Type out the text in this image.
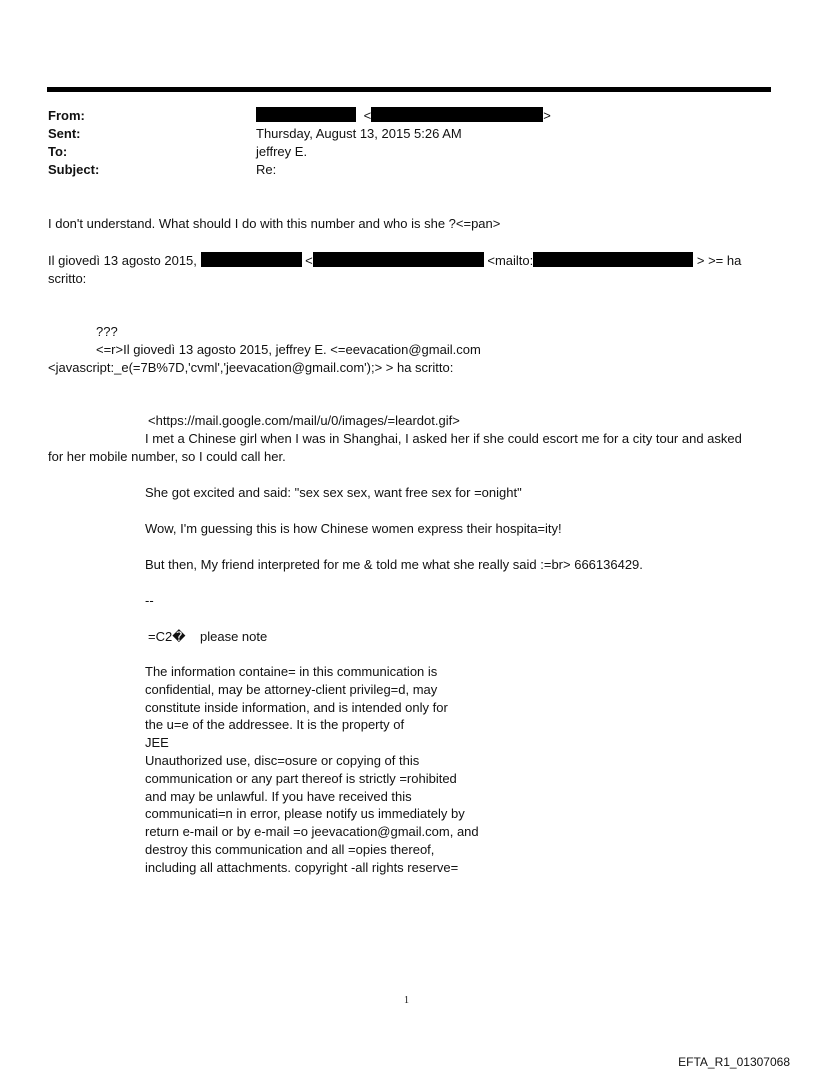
From:	<	>
Sent:	Thursday, August 13, 2015 5:26 AM
To:	jeffrey E.
Subject:	Re:
I don't understand. What should I do with this number and who is she ?<=pan>
Il giovedì 13 agosto 2015,	<	<mailto:	> >= ha
scritto:
???
<=r>Il giovedì 13 agosto 2015, jeffrey E. <=eevacation@gmail.com
<javascript:_e(=7B%7D,'cvml','jeevacation@gmail.com');> > ha scritto:
<https://mail.google.com/mail/u/0/images/=leardot.gif>
I met a Chinese girl when I was in Shanghai, I asked her if she could escort me for a city tour and asked
for her mobile number, so I could call her.
She got excited and said: "sex sex sex, want free sex for =onight"
Wow, I'm guessing this is how Chinese women express their hospita=ity!
But then, My friend interpreted for me & told me what she really said :=br> 666136429.
--
=C2�    please note
The information containe= in this communication is
confidential, may be attorney-client privileg=d, may
constitute inside information, and is intended only for
the u=e of the addressee. It is the property of
JEE
Unauthorized use, disc=osure or copying of this
communication or any part thereof is strictly =rohibited
and may be unlawful. If you have received this
communicati=n in error, please notify us immediately by
return e-mail or by e-mail =o jeevacation@gmail.com, and
destroy this communication and all =opies thereof,
including all attachments. copyright -all rights reserve=
1
EFTA_R1_01307068
